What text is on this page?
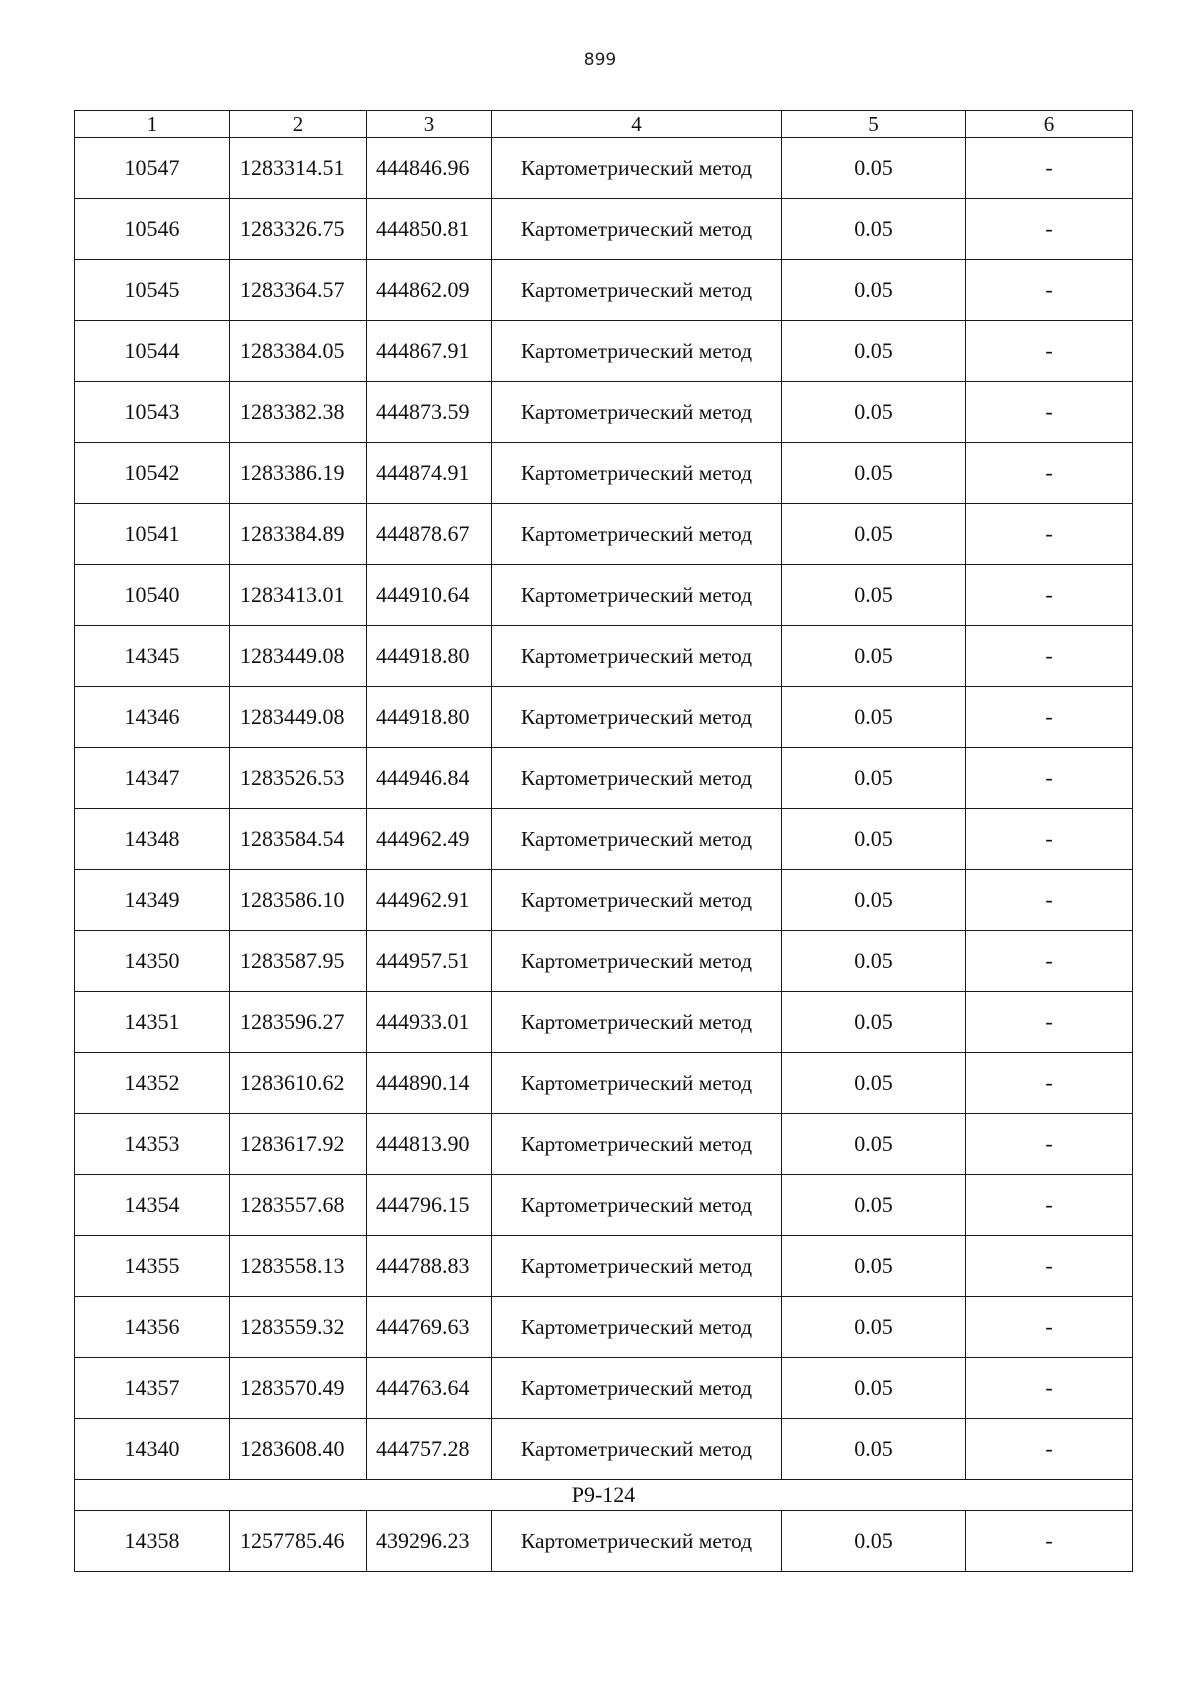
899
1	2	3	4	5	6
10547	1283314.51	444846.96	Картометрический метод	0.05	-
10546	1283326.75	444850.81	Картометрический метод	0.05	-
10545	1283364.57	444862.09	Картометрический метод	0.05	-
10544	1283384.05	444867.91	Картометрический метод	0.05	-
10543	1283382.38	444873.59	Картометрический метод	0.05	-
10542	1283386.19	444874.91	Картометрический метод	0.05	-
10541	1283384.89	444878.67	Картометрический метод	0.05	-
10540	1283413.01	444910.64	Картометрический метод	0.05	-
14345	1283449.08	444918.80	Картометрический метод	0.05	-
14346	1283449.08	444918.80	Картометрический метод	0.05	-
14347	1283526.53	444946.84	Картометрический метод	0.05	-
14348	1283584.54	444962.49	Картометрический метод	0.05	-
14349	1283586.10	444962.91	Картометрический метод	0.05	-
14350	1283587.95	444957.51	Картометрический метод	0.05	-
14351	1283596.27	444933.01	Картометрический метод	0.05	-
14352	1283610.62	444890.14	Картометрический метод	0.05	-
14353	1283617.92	444813.90	Картометрический метод	0.05	-
14354	1283557.68	444796.15	Картометрический метод	0.05	-
14355	1283558.13	444788.83	Картометрический метод	0.05	-
14356	1283559.32	444769.63	Картометрический метод	0.05	-
14357	1283570.49	444763.64	Картометрический метод	0.05	-
14340	1283608.40	444757.28	Картометрический метод	0.05	-
Р9-124					
14358	1257785.46	439296.23	Картометрический метод	0.05	-
